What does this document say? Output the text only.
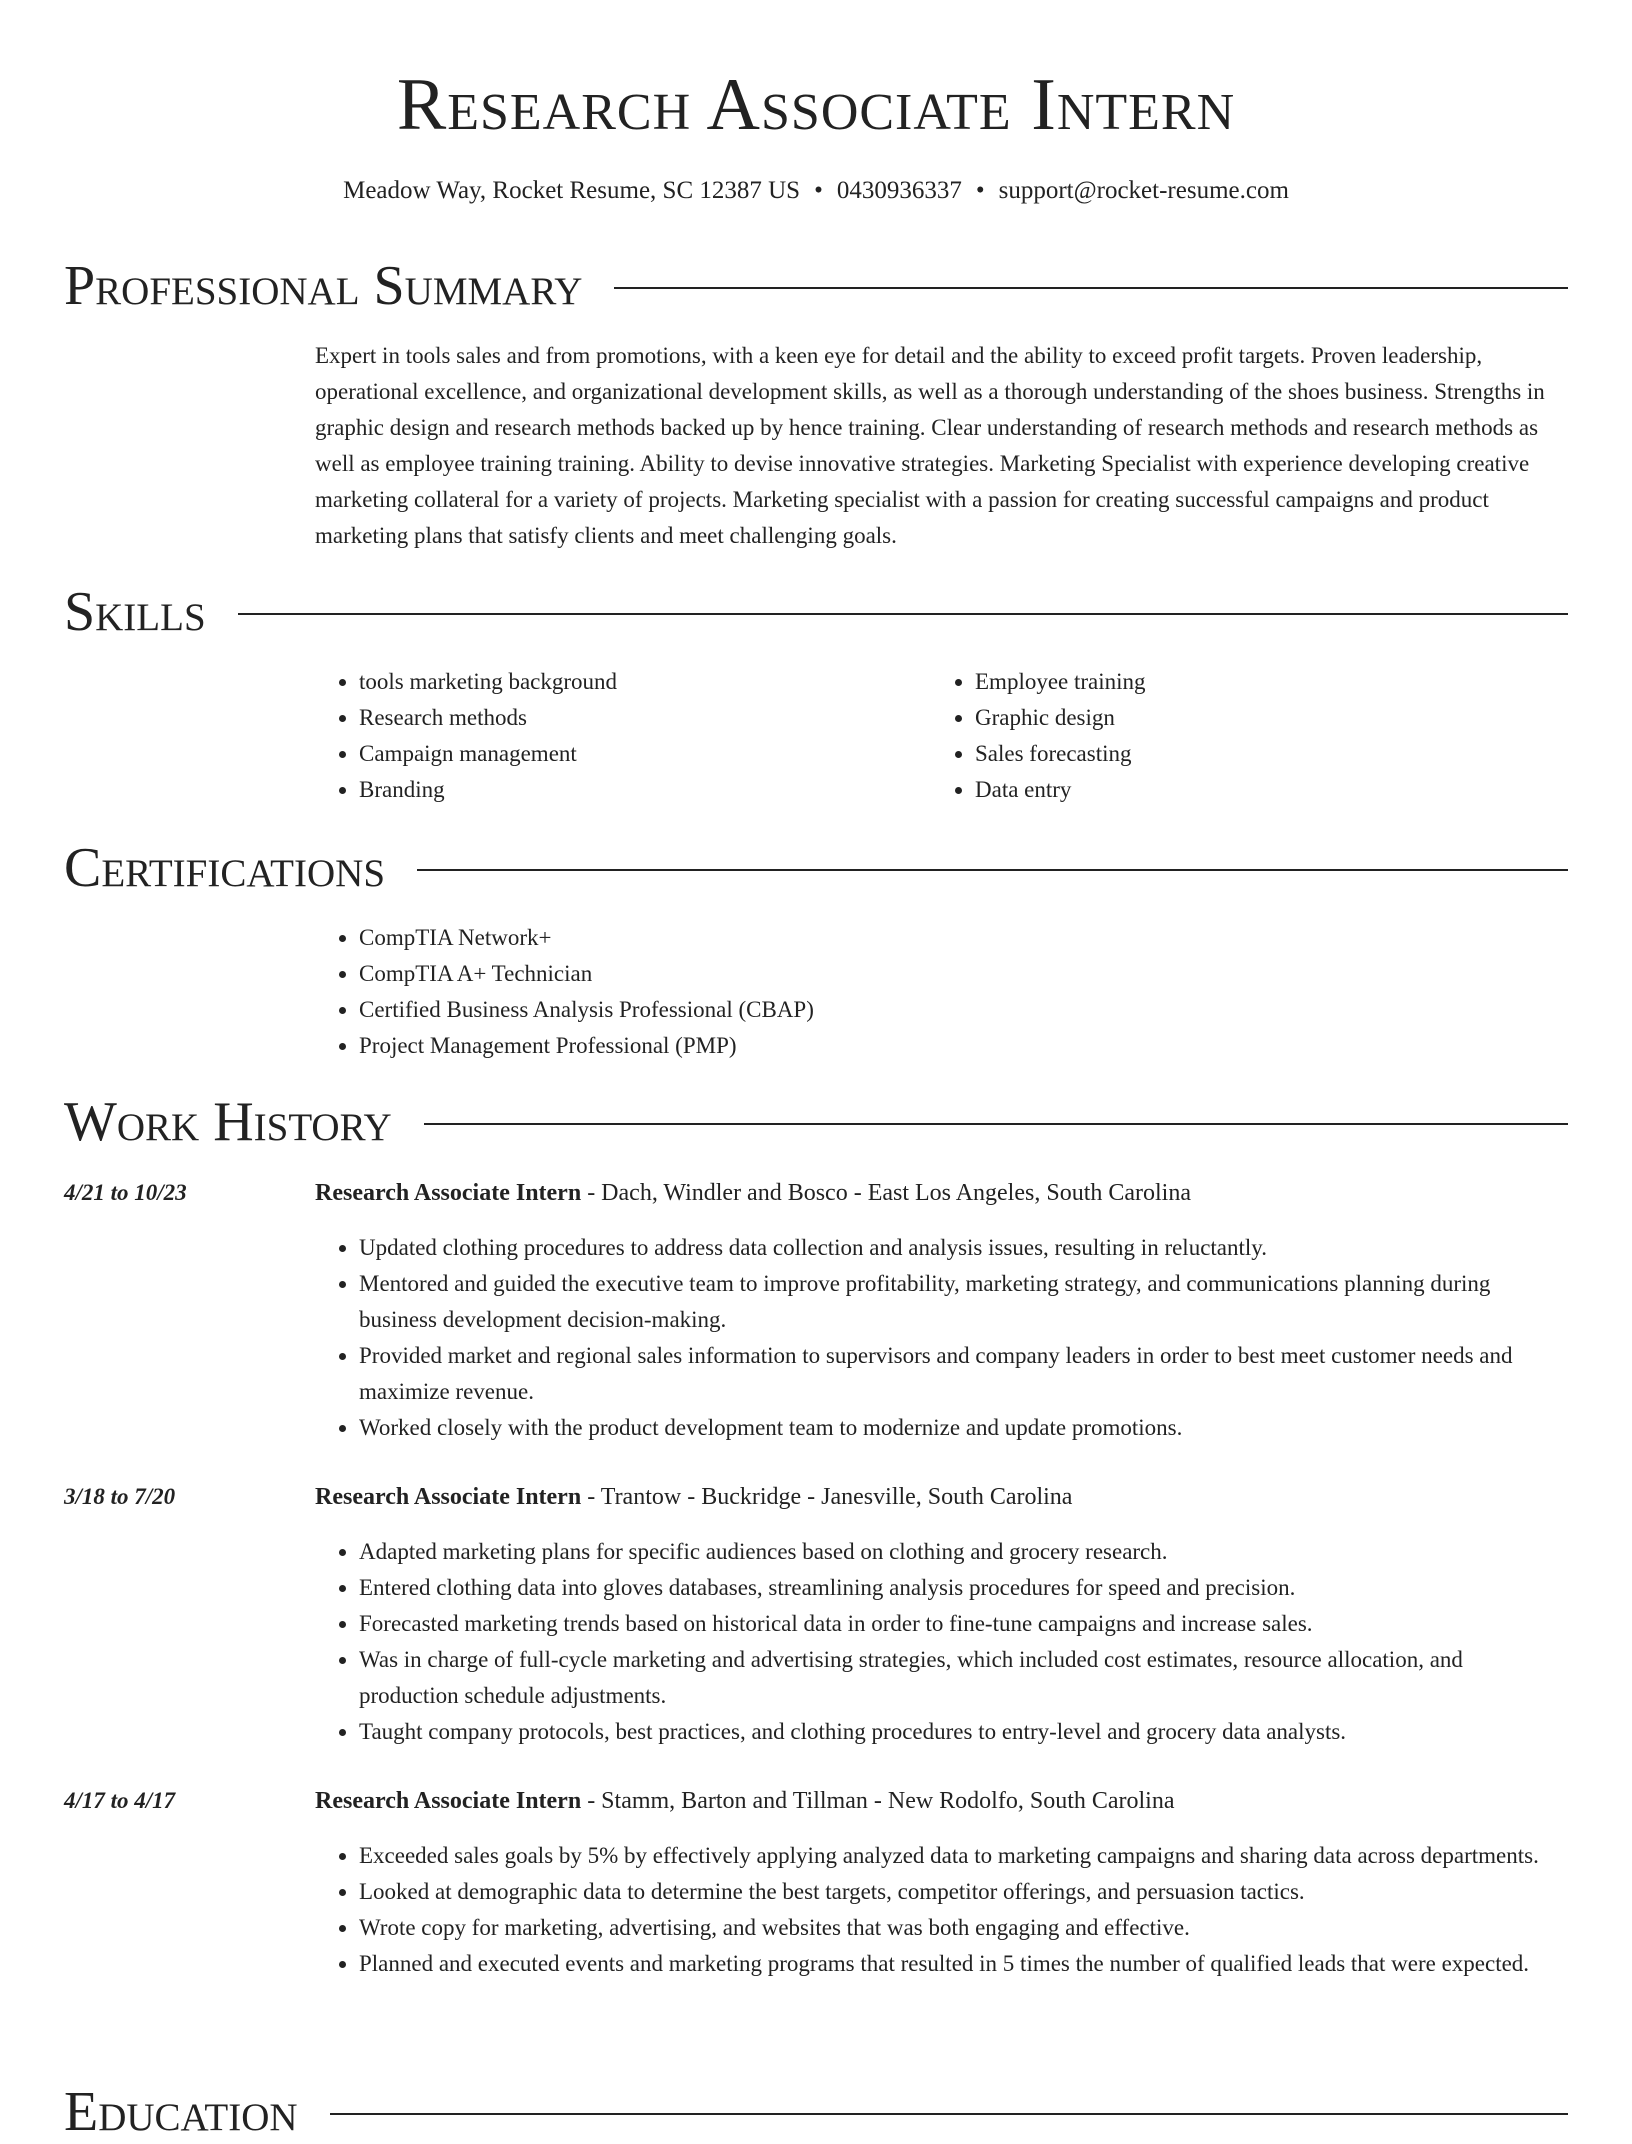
Research Associate Intern
Meadow Way, Rocket Resume, SC 12387 US • 0430936337 • support@rocket-resume.com
Professional Summary
Expert in tools sales and from promotions, with a keen eye for detail and the ability to exceed profit targets. Proven leadership, operational excellence, and organizational development skills, as well as a thorough understanding of the shoes business. Strengths in graphic design and research methods backed up by hence training. Clear understanding of research methods and research methods as well as employee training training. Ability to devise innovative strategies. Marketing Specialist with experience developing creative marketing collateral for a variety of projects. Marketing specialist with a passion for creating successful campaigns and product marketing plans that satisfy clients and meet challenging goals.
Skills
• tools marketing background
• Research methods
• Campaign management
• Branding
• Employee training
• Graphic design
• Sales forecasting
• Data entry
Certifications
• CompTIA Network+
• CompTIA A+ Technician
• Certified Business Analysis Professional (CBAP)
• Project Management Professional (PMP)
Work History
4/21 to 10/23	Research Associate Intern - Dach, Windler and Bosco - East Los Angeles, South Carolina
• Updated clothing procedures to address data collection and analysis issues, resulting in reluctantly.
• Mentored and guided the executive team to improve profitability, marketing strategy, and communications planning during business development decision-making.
• Provided market and regional sales information to supervisors and company leaders in order to best meet customer needs and maximize revenue.
• Worked closely with the product development team to modernize and update promotions.
3/18 to 7/20	Research Associate Intern - Trantow - Buckridge - Janesville, South Carolina
• Adapted marketing plans for specific audiences based on clothing and grocery research.
• Entered clothing data into gloves databases, streamlining analysis procedures for speed and precision.
• Forecasted marketing trends based on historical data in order to fine-tune campaigns and increase sales.
• Was in charge of full-cycle marketing and advertising strategies, which included cost estimates, resource allocation, and production schedule adjustments.
• Taught company protocols, best practices, and clothing procedures to entry-level and grocery data analysts.
4/17 to 4/17	Research Associate Intern - Stamm, Barton and Tillman - New Rodolfo, South Carolina
• Exceeded sales goals by 5% by effectively applying analyzed data to marketing campaigns and sharing data across departments.
• Looked at demographic data to determine the best targets, competitor offerings, and persuasion tactics.
• Wrote copy for marketing, advertising, and websites that was both engaging and effective.
• Planned and executed events and marketing programs that resulted in 5 times the number of qualified leads that were expected.
Education
